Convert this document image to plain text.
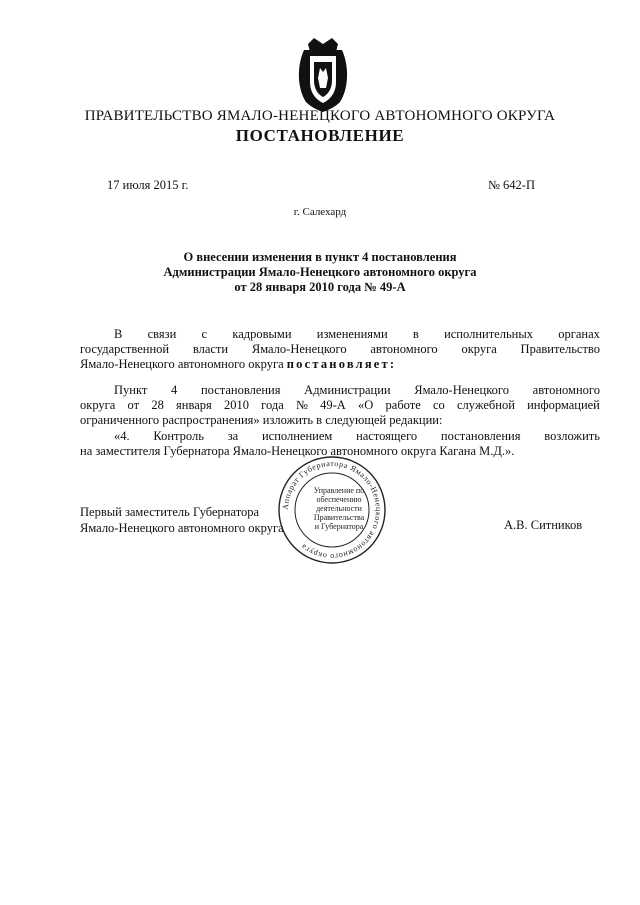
ПРАВИТЕЛЬСТВО ЯМАЛО-НЕНЕЦКОГО АВТОНОМНОГО ОКРУГА
ПОСТАНОВЛЕНИЕ
17 июля 2015 г.	№ 642-П
г. Салехард
О внесении изменения в пункт 4 постановления
Администрации Ямало-Ненецкого автономного округа
от 28 января 2010 года № 49-А
В связи с кадровыми изменениями в исполнительных органах
государственной власти Ямало-Ненецкого автономного округа Правительство
Ямало-Ненецкого автономного округа постановляет:
Пункт 4 постановления Администрации Ямало-Ненецкого автономного
округа от 28 января 2010 года № 49-А «О работе со служебной информацией
ограниченного распространения» изложить в следующей редакции:
«4. Контроль за исполнением настоящего постановления возложить
на заместителя Губернатора Ямало-Ненецкого автономного округа Кагана М.Д.».
Первый заместитель Губернатора
Ямало-Ненецкого автономного округа	А.В. Ситников
Аппарат Губернатора Ямало-Ненецкого автономного округа
Управление по
обеспечению
деятельности
Правительства
и Губернатора
